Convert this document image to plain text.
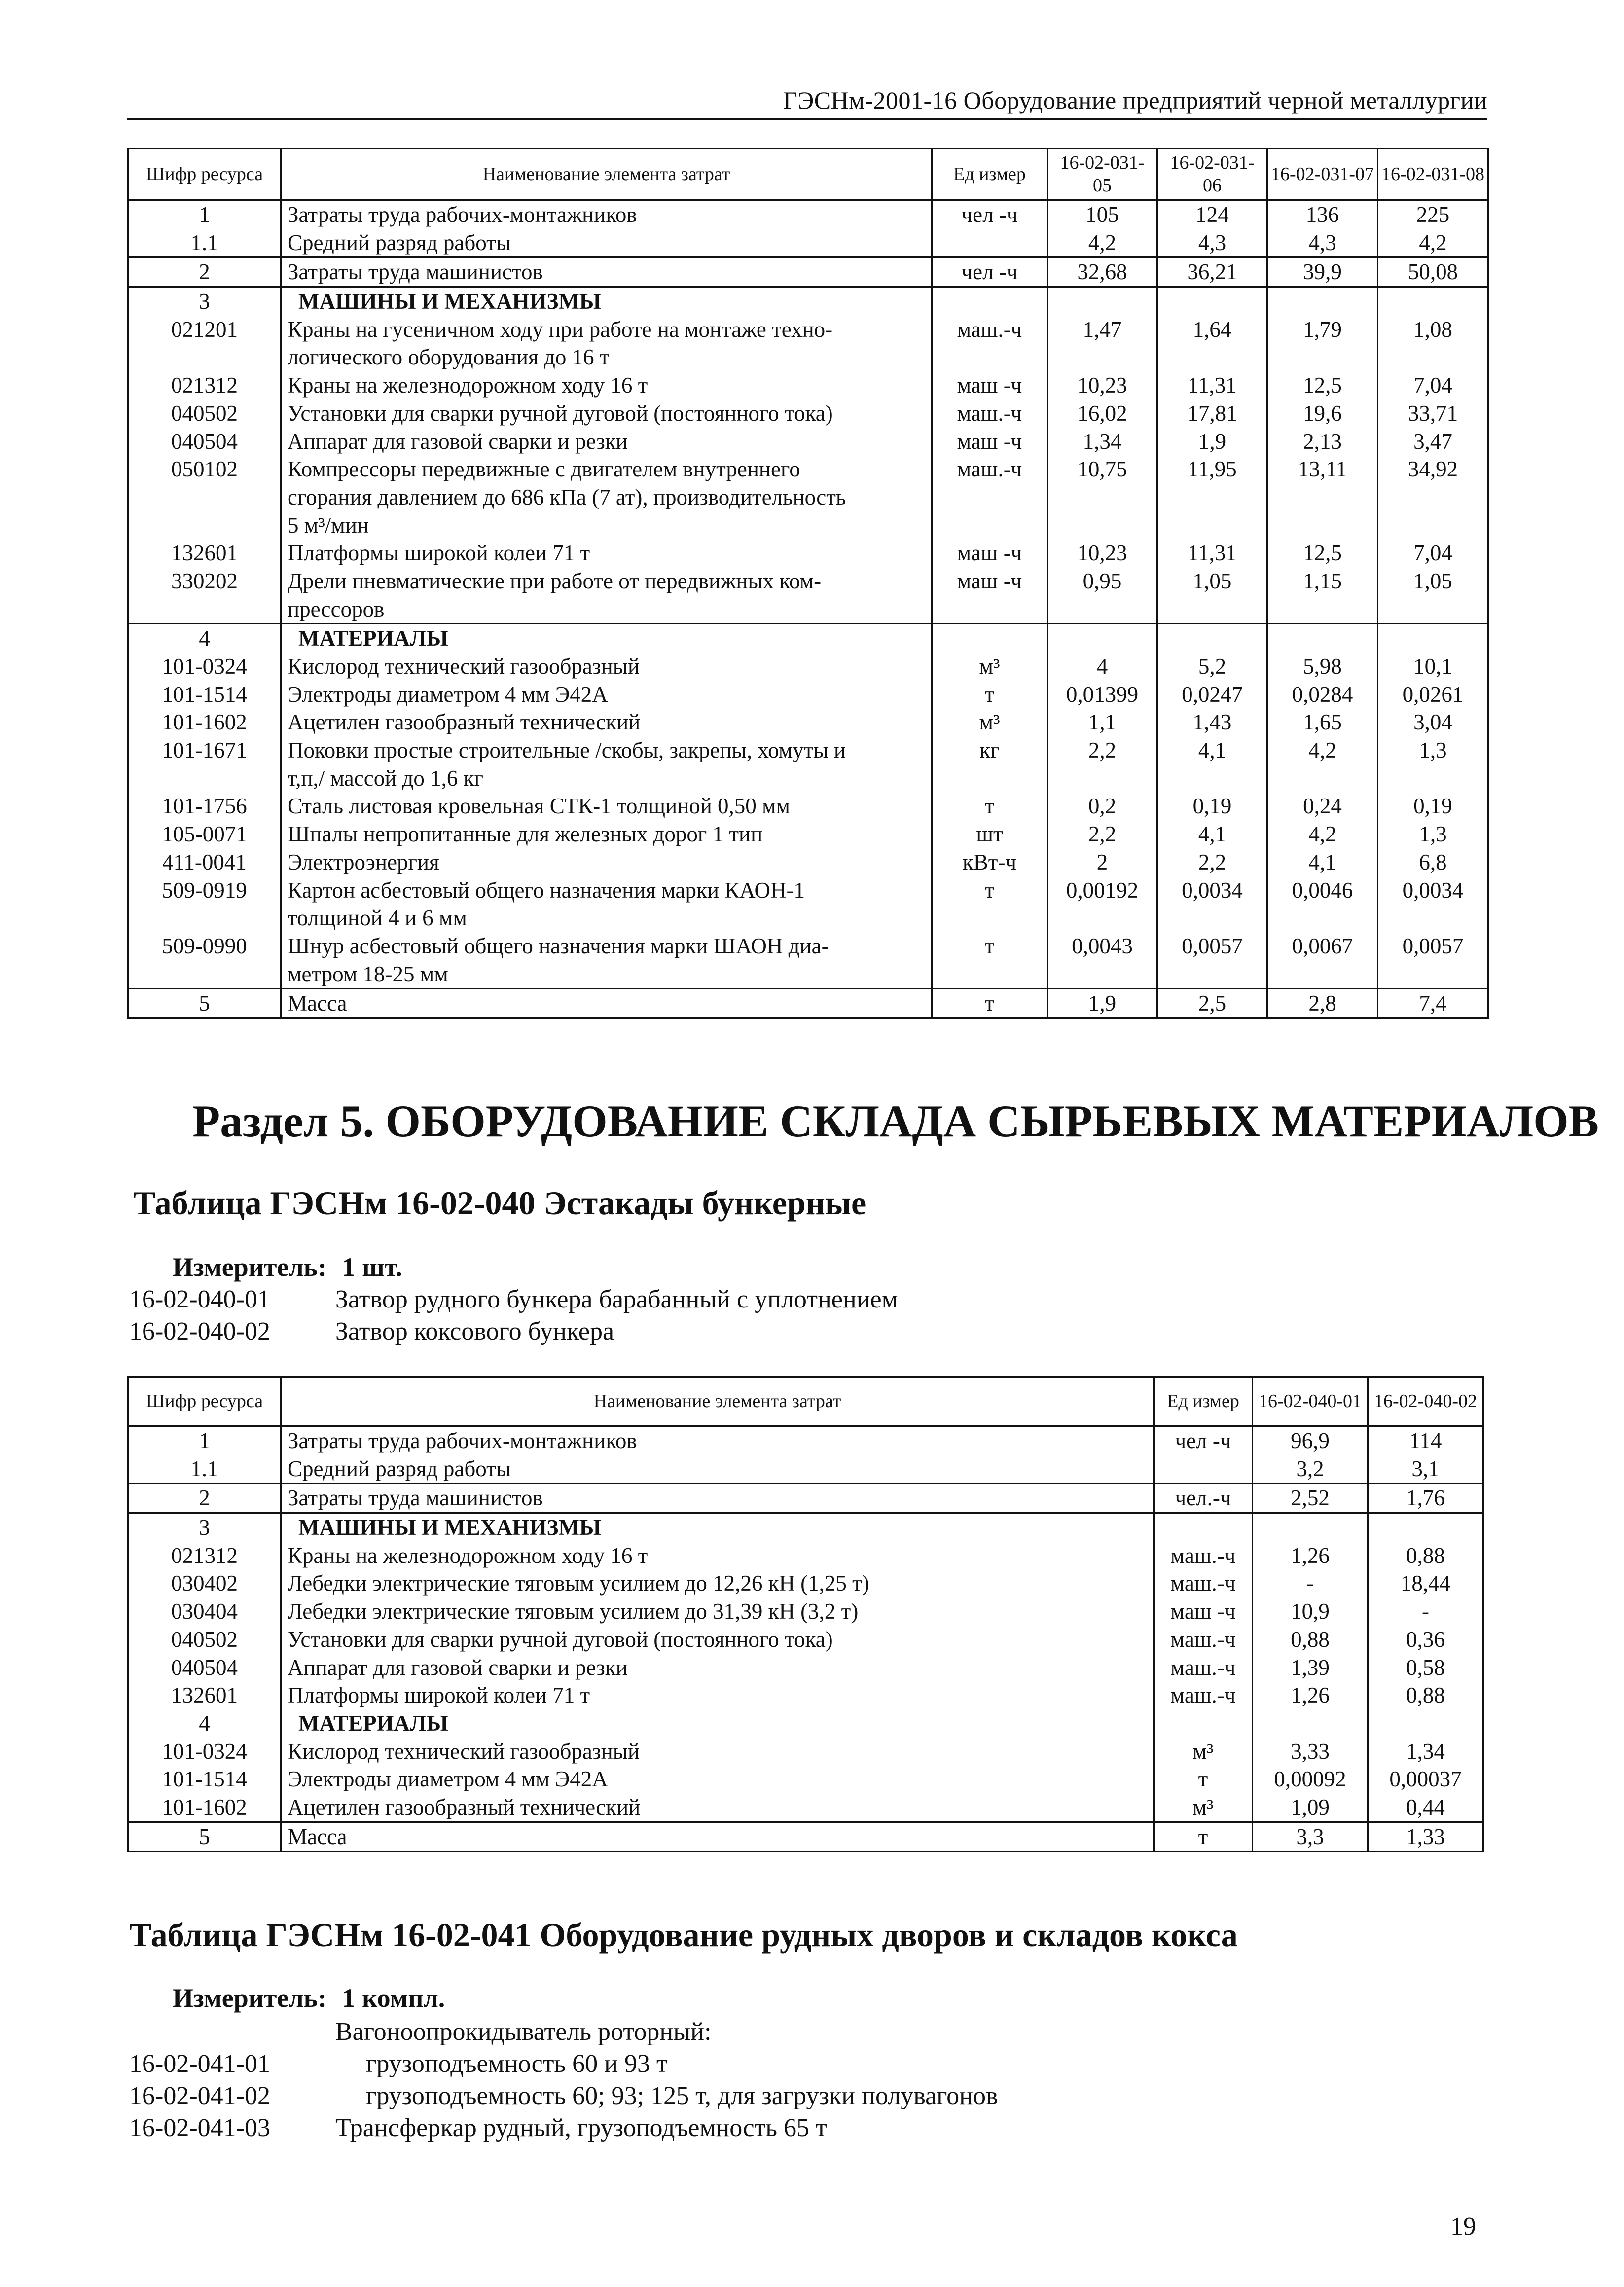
ГЭСНм-2001-16 Оборудование предприятий черной металлургии
Шифр ресурса	Наименование элемента затрат	Ед измер	16-02-031-05	16-02-031-06	16-02-031-07	16-02-031-08
1	Затраты труда рабочих-монтажников	чел -ч	105	124	136	225
1.1	Средний разряд работы		4,2	4,3	4,3	4,2
2	Затраты труда машинистов	чел -ч	32,68	36,21	39,9	50,08
3	МАШИНЫ И МЕХАНИЗМЫ					

021201	Краны на гусеничном ходу при работе на монтаже техно-
логического оборудования до 16 т	маш.-ч	1,47	1,64	1,79	1,08
021312	Краны на железнодорожном ходу 16 т	маш -ч	10,23	11,31	12,5	7,04
040502	Установки для сварки ручной дуговой (постоянного тока)	маш.-ч	16,02	17,81	19,6	33,71
040504	Аппарат для газовой сварки и резки	маш -ч	1,34	1,9	2,13	3,47
050102	Компрессоры передвижные с двигателем внутреннего
сгорания давлением до 686 кПа (7 ат), производительность
5 м³/мин	маш.-ч	10,75	11,95	13,11	34,92
132601	Платформы широкой колеи 71 т	маш -ч	10,23	11,31	12,5	7,04
330202	Дрели пневматические при работе от передвижных ком-
прессоров	маш -ч	0,95	1,05	1,15	1,05
4	МАТЕРИАЛЫ					

101-0324	Кислород технический газообразный	м³	4	5,2	5,98	10,1
101-1514	Электроды диаметром 4 мм Э42А	т	0,01399	0,0247	0,0284	0,0261
101-1602	Ацетилен газообразный технический	м³	1,1	1,43	1,65	3,04
101-1671	Поковки простые строительные /скобы, закрепы, хомуты и
т,п,/ массой до 1,6 кг	кг	2,2	4,1	4,2	1,3
101-1756	Сталь листовая кровельная СТК-1 толщиной 0,50 мм	т	0,2	0,19	0,24	0,19
105-0071	Шпалы непропитанные для железных дорог 1 тип	шт	2,2	4,1	4,2	1,3
411-0041	Электроэнергия	кВт-ч	2	2,2	4,1	6,8
509-0919	Картон асбестовый общего назначения марки КАОН-1
толщиной 4 и 6 мм	т	0,00192	0,0034	0,0046	0,0034
509-0990	Шнур асбестовый общего назначения марки ШАОН диа-
метром 18-25 мм	т	0,0043	0,0057	0,0067	0,0057
5	Масса	т	1,9	2,5	2,8	7,4
Раздел 5. ОБОРУДОВАНИЕ СКЛАДА СЫРЬЕВЫХ МАТЕРИАЛОВ
Таблица ГЭСНм 16-02-040 Эстакады бункерные
Измеритель: 1 шт.
16-02-040-01	Затвор рудного бункера барабанный с уплотнением
16-02-040-02	Затвор коксового бункера
Шифр ресурса	Наименование элемента затрат	Ед измер	16-02-040-01	16-02-040-02
1	Затраты труда рабочих-монтажников	чел -ч	96,9	114
1.1	Средний разряд работы		3,2	3,1
2	Затраты труда машинистов	чел.-ч	2,52	1,76
3	МАШИНЫ И МЕХАНИЗМЫ			
021312	Краны на железнодорожном ходу 16 т	маш.-ч	1,26	0,88
030402	Лебедки электрические тяговым усилием до 12,26 кН (1,25 т)	маш.-ч	-	18,44
030404	Лебедки электрические тяговым усилием до 31,39 кН (3,2 т)	маш -ч	10,9	-
040502	Установки для сварки ручной дуговой (постоянного тока)	маш.-ч	0,88	0,36
040504	Аппарат для газовой сварки и резки	маш.-ч	1,39	0,58
132601	Платформы широкой колеи 71 т	маш.-ч	1,26	0,88
4	МАТЕРИАЛЫ			
101-0324	Кислород технический газообразный	м³	3,33	1,34
101-1514	Электроды диаметром 4 мм Э42А	т	0,00092	0,00037
101-1602	Ацетилен газообразный технический	м³	1,09	0,44
5	Масса	т	3,3	1,33
Таблица ГЭСНм 16-02-041 Оборудование рудных дворов и складов кокса
Измеритель: 1 компл.
Вагоноопрокидыватель роторный:
16-02-041-01	грузоподъемность 60 и 93 т
16-02-041-02	грузоподъемность 60; 93; 125 т, для загрузки полувагонов
16-02-041-03	Трансферкар рудный, грузоподъемность 65 т
19
